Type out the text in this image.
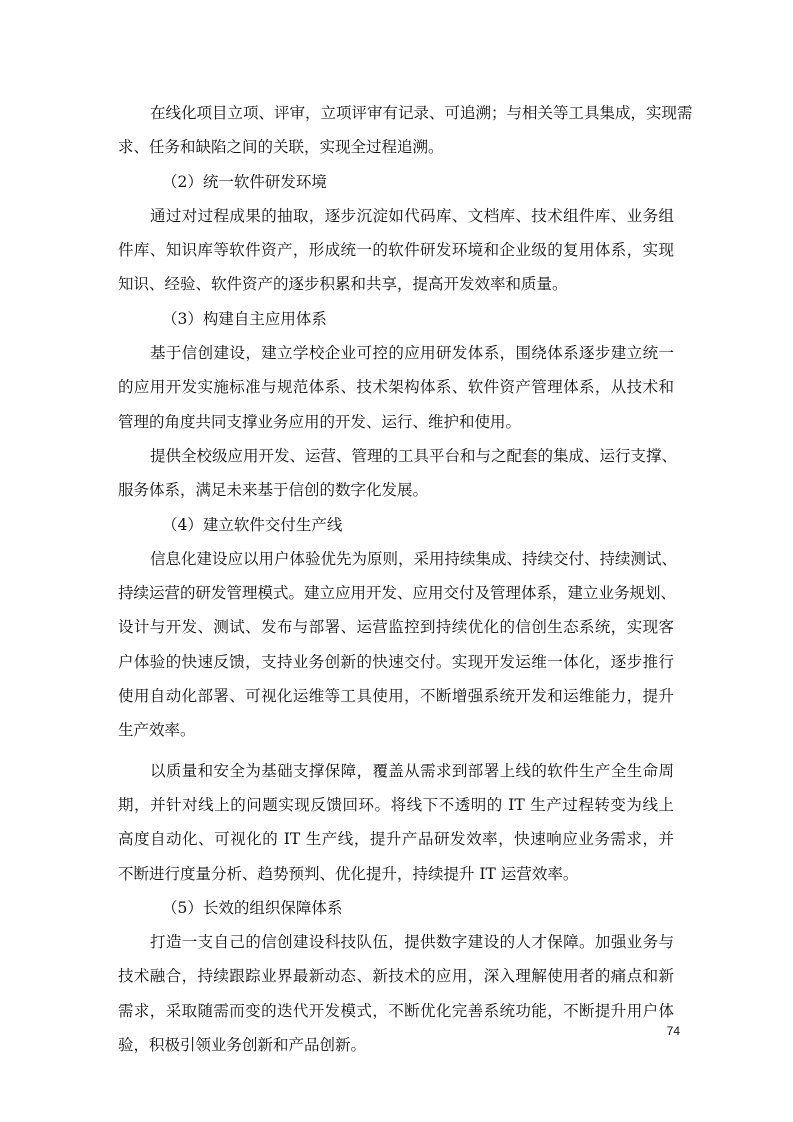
在线化项目立项、评审，立项评审有记录、可追溯；与相关等工具集成，实现需
求、任务和缺陷之间的关联，实现全过程追溯。
（2）统一软件研发环境
通过对过程成果的抽取，逐步沉淀如代码库、文档库、技术组件库、业务组
件库、知识库等软件资产，形成统一的软件研发环境和企业级的复用体系，实现
知识、经验、软件资产的逐步积累和共享，提高开发效率和质量。
（3）构建自主应用体系
基于信创建设，建立学校企业可控的应用研发体系，围绕体系逐步建立统一
的应用开发实施标准与规范体系、技术架构体系、软件资产管理体系，从技术和
管理的角度共同支撑业务应用的开发、运行、维护和使用。
提供全校级应用开发、运营、管理的工具平台和与之配套的集成、运行支撑、
服务体系，满足未来基于信创的数字化发展。
（4）建立软件交付生产线
信息化建设应以用户体验优先为原则，采用持续集成、持续交付、持续测试、
持续运营的研发管理模式。建立应用开发、应用交付及管理体系，建立业务规划、
设计与开发、测试、发布与部署、运营监控到持续优化的信创生态系统，实现客
户体验的快速反馈，支持业务创新的快速交付。实现开发运维一体化，逐步推行
使用自动化部署、可视化运维等工具使用，不断增强系统开发和运维能力，提升
生产效率。
以质量和安全为基础支撑保障，覆盖从需求到部署上线的软件生产全生命周
期，并针对线上的问题实现反馈回环。将线下不透明的 IT 生产过程转变为线上
高度自动化、可视化的 IT 生产线，提升产品研发效率，快速响应业务需求，并
不断进行度量分析、趋势预判、优化提升，持续提升 IT 运营效率。
（5）长效的组织保障体系
打造一支自己的信创建设科技队伍，提供数字建设的人才保障。加强业务与
技术融合，持续跟踪业界最新动态、新技术的应用，深入理解使用者的痛点和新
需求，采取随需而变的迭代开发模式，不断优化完善系统功能，不断提升用户体
验，积极引领业务创新和产品创新。
74
